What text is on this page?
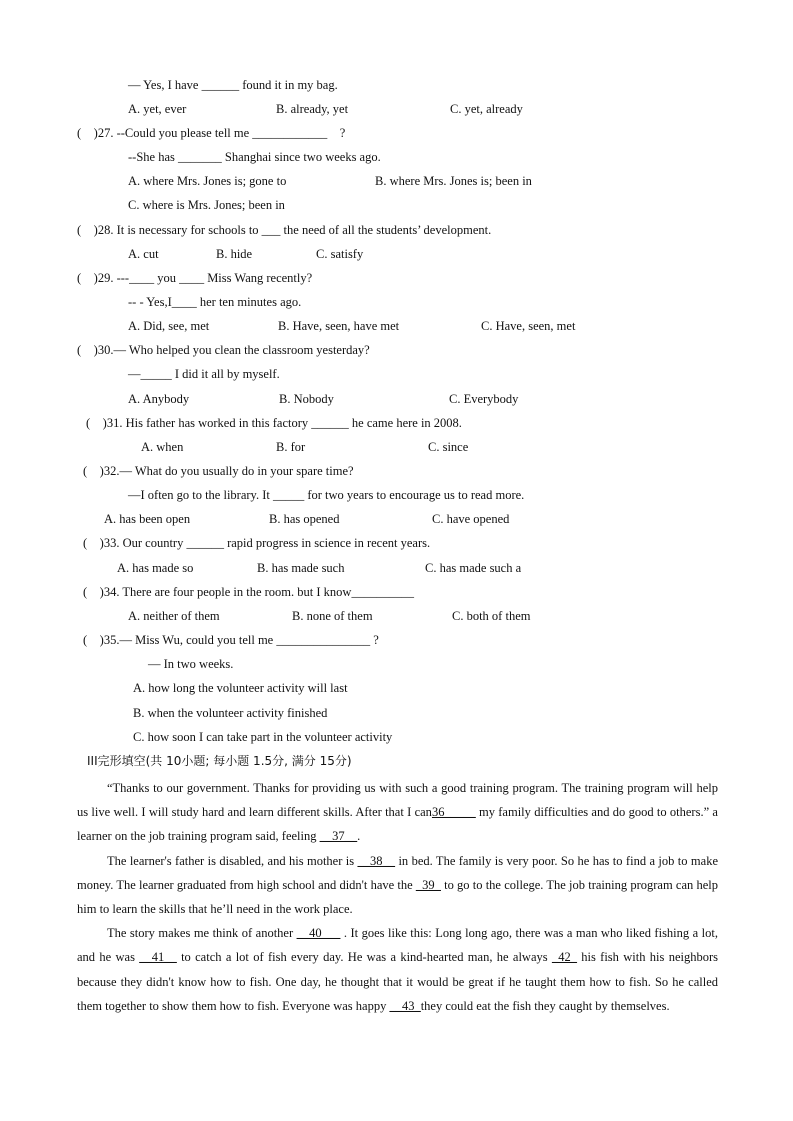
— Yes, I have ______ found it in my bag.
A. yet, ever	B. already, yet	C. yet, already
(    )27. --Could you please tell me ____________    ?
--She has _______ Shanghai since two weeks ago.
A. where Mrs. Jones is; gone to	B. where Mrs. Jones is; been in
C. where is Mrs. Jones; been in
(    )28. It is necessary for schools to ___ the need of all the students’ development.
A. cut	B. hide	C. satisfy
(    )29. ---____ you ____ Miss Wang recently?
-- - Yes,I____ her ten minutes ago.
A. Did, see, met	B. Have, seen, have met	C. Have, seen, met
(    )30.— Who helped you clean the classroom yesterday?
—_____ I did it all by myself.
A. Anybody	B. Nobody	C. Everybody
(    )31. His father has worked in this factory ______ he came here in 2008.
A. when	B. for	C. since
(    )32.— What do you usually do in your spare time?
—I often go to the library. It _____ for two years to encourage us to read more.
A. has been open	B. has opened	C. have opened
(    )33. Our country ______ rapid progress in science in recent years.
A. has made so	B. has made such	C. has made such a
(    )34. There are four people in the room. but I know__________
A. neither of them	B. none of them	C. both of them
(    )35.— Miss Wu, could you tell me _______________ ?
— In two weeks.
A. how long the volunteer activity will last
B. when the volunteer activity finished
C. how soon I can take part in the volunteer activity
III完形填空(共 10小题; 每小题 1.5分, 满分 15分)

“Thanks to our government. Thanks for providing us with such a good training program. The training program will help us live well. I will study hard and learn different skills. After that I can36_____ my family difficulties and do good to others.” a learner on the job training program said, feeling __37__.

The learner's father is disabled, and his mother is __38__ in bed. The family is very poor. So he has to find a job to make money. The learner graduated from high school and didn't have the _39_ to go to the college. The job training program can help him to learn the skills that he’ll need in the work place.

The story makes me think of another __40___ . It goes like this: Long long ago, there was a man who liked fishing a lot, and he was __41__ to catch a lot of fish every day. He was a kind-hearted man, he always _42_ his fish with his neighbors because they didn't know how to fish. One day, he thought that it would be great if he taught them how to fish. So he called them together to show them how to fish. Everyone was happy __43_they could eat the fish they caught by themselves.
